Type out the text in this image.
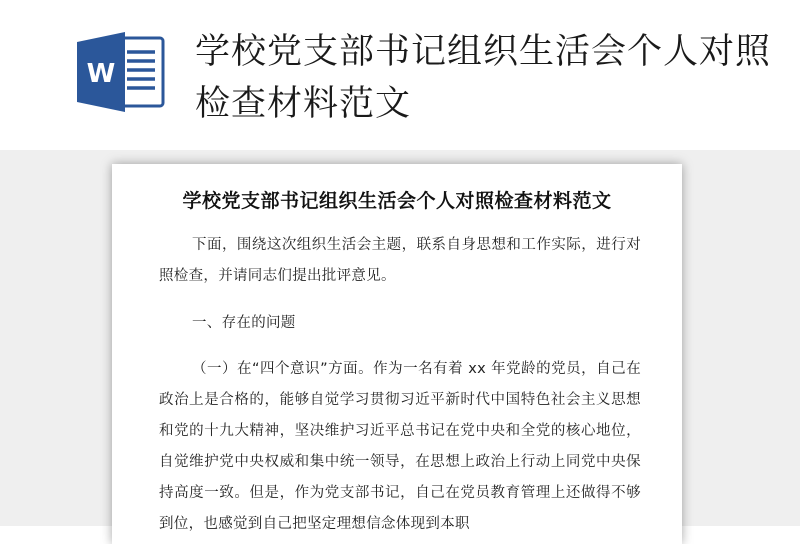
W
学校党支部书记组织生活会个人对照检查材料范文
学校党支部书记组织生活会个人对照检查材料范文
下面，围绕这次组织生活会主题，联系自身思想和工作实际，进行对照检查，并请同志们提出批评意见。
一、存在的问题
（一）在“四个意识”方面。作为一名有着 xx 年党龄的党员，自己在政治上是合格的，能够自觉学习贯彻习近平新时代中国特色社会主义思想和党的十九大精神，坚决维护习近平总书记在党中央和全党的核心地位，自觉维护党中央权威和集中统一领导，在思想上政治上行动上同党中央保持高度一致。但是，作为党支部书记，自己在党员教育管理上还做得不够到位，也感觉到自己把坚定理想信念体现到本职
